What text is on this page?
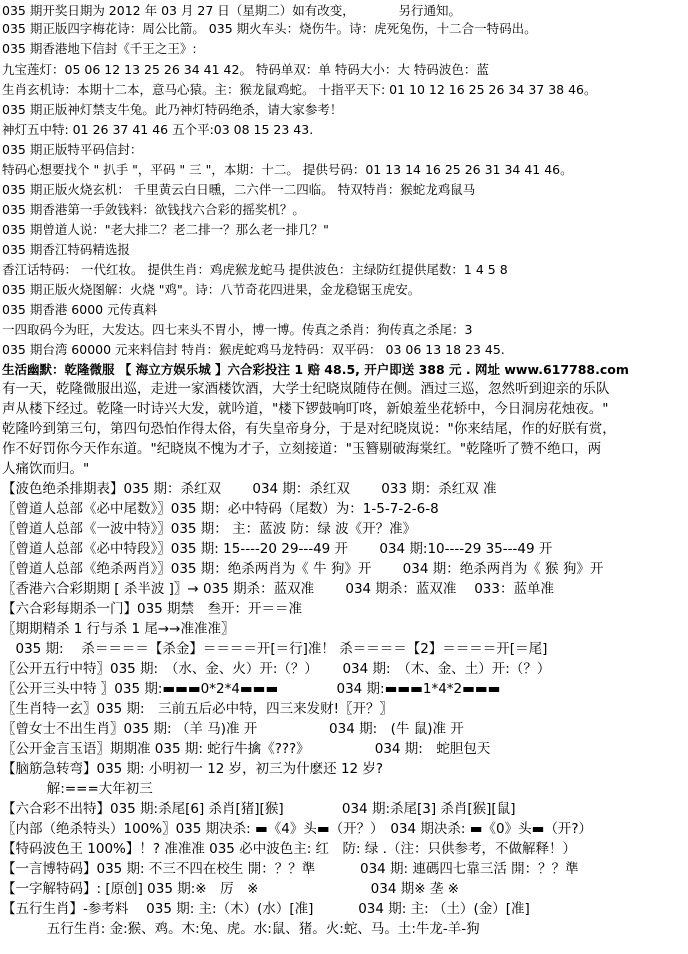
035 期开奖日期为 2012 年 03 月 27 日（星期二）如有改变，　　　　另行通知。
035 期正版四字梅花诗：周公比箭。 035 期火车头：烧伤牛。诗：虎死兔伤，十二合一特码出。
035 期香港地下信封《千王之王》:
九宝莲灯：05 06 12 13 25 26 34 41 42。 特码单双：单 特码大小：大 特码波色：蓝
生肖玄机诗：本期十二本，意马心猿。主：猴龙鼠鸡蛇。 十指平天下: 01 10 12 16 25 26 34 37 38 46。
035 期正版神灯禁支牛兔。此乃神灯特码绝杀，请大家参考！
神灯五中特: 01 26 37 41 46 五个平:03 08 15 23 43.
035 期正版特平码信封：
特码心想要找个 " 扒手 "，平码 " 三 "，本期：十二。 提供号码：01 13 14 16 25 26 31 34 41 46。
035 期正版火烧玄机： 千里黄云白日曛，二六伴一二四临。 特双特肖：猴蛇龙鸡鼠马
035 期香港第一手敛钱料：欲钱找六合彩的摇奖机？。
035 期曾道人说："老大排二？老二排一？那么老一排几？"
035 期香江特码精选报
香江话特码： 一代红妆。 提供生肖：鸡虎猴龙蛇马 提供波色：主绿防红提供尾数：1 4 5 8
035 期正版火烧图解：火烧 "鸡"。诗：八节奇花四进果，金龙稳锯玉虎安。
035 期香港 6000 元传真料
一四取码今为旺，大发达。四七来头不胃小，博一博。传真之杀肖：狗传真之杀尾：3
035 期台湾 60000 元来料信封 特肖：猴虎蛇鸡马龙特码：双平码： 03 06 13 18 23 45.
生活幽默：乾隆微服 【 海立方娱乐城 】六合彩投注 1 赔 48.5, 开户即送 388 元 . 网址 www.617788.com
有一天，乾隆微服出巡，走进一家酒楼饮酒，大学士纪晓岚随侍在侧。酒过三巡，忽然听到迎亲的乐队
声从楼下经过。乾隆一时诗兴大发，就吟道，"楼下锣鼓响叮咚，新娘羞坐花轿中，今日洞房花烛夜。"
乾隆吟到第三句，第四句恐怕作得太俗，有失皇帝身分，于是对纪晓岚说："你来结尾，作的好朕有赏，
作不好罚你今天作东道。"纪晓岚不愧为才子，立刻接道："玉簪剔破海棠红。"乾隆听了赞不绝口，两
人痛饮而归。"
【波色绝杀排期表】035 期：杀红双　　 034 期：杀红双　　 033 期：杀红双 准
〖曾道人总部《必中尾数》〗035 期：必中特码（尾数）为：1-5-7-2-6-8
〖曾道人总部《一波中特》〗035 期： 主：蓝波 防：绿 波《开？准》
〖曾道人总部《必中特段》〗035 期: 15----20 29---49 开　　 034 期:10----29 35---49 开
〖曾道人总部《绝杀两肖》〗035 期：绝杀两肖为《 牛 狗》开　　 034 期：绝杀两肖为《 猴 狗》开
〖香港六合彩期期 [ 杀半波 ]〗→ 035 期杀：蓝双准　　 034 期杀：蓝双准　 033：蓝单准
【六合彩每期杀一门】035 期禁　叁开：开＝＝准
〖期期精杀 1 行与杀 1 尾→→准准准〗
　035 期:　 杀＝＝＝＝【杀金】＝＝＝＝开[＝行]准！ 杀＝＝＝＝【2】＝＝＝＝开[＝尾]
〖公开五行中特〗035 期:　（水、金、火）开:（？）　　 034 期:　（木、金、土）开:（？）
〖公开三头中特 〗035 期:▬▬▬0*2*4▬▬▬　　　　 034 期:▬▬▬1*4*2▬▬▬
〖生肖特一玄〗035 期:　三前五后必中特，四三来发财!〖开？〗
〖曾女士不出生肖〗035 期: （羊 马)准 开　　　　　 034 期:　(牛 鼠)准 开
〖公开金言玉语〗期期准 035 期: 蛇行牛擒《???》　　　　　 034 期:　蛇胆包天
【脑筋急转弯】035 期: 小明初一 12 岁，初三为什麽还 12 岁?
　　　 解:===大年初三
【六合彩不出特】035 期:杀尾[6] 杀肖[猪][猴]　　　　 034 期:杀尾[3] 杀肖[猴][鼠]
〖内部（绝杀特头）100%〗035 期决杀: ▬《4》头▬（开？）　034 期决杀: ▬《0》头▬（开?）
【特码波色王 100%】！? 准准准 035 必中波色主: 红　防: 绿 .（注：只供参考，不做解释！）
【一言博特码】035 期: 不三不四在校生 開：？？準　　　 034 期: 連碼四七靠三活 開：？？準
【一字解特码】: [原创] 035 期:※　厉　※　　　　　　　　 034 期※ 垄 ※
【五行生肖】-参考料　 035 期: 主:（木）(水）[准]　　　 034 期: 主: （土）(金）[准]
　　　 五行生肖: 金:猴、鸡。木:兔、虎。水:鼠、猪。火:蛇、马。土:牛龙-羊-狗
